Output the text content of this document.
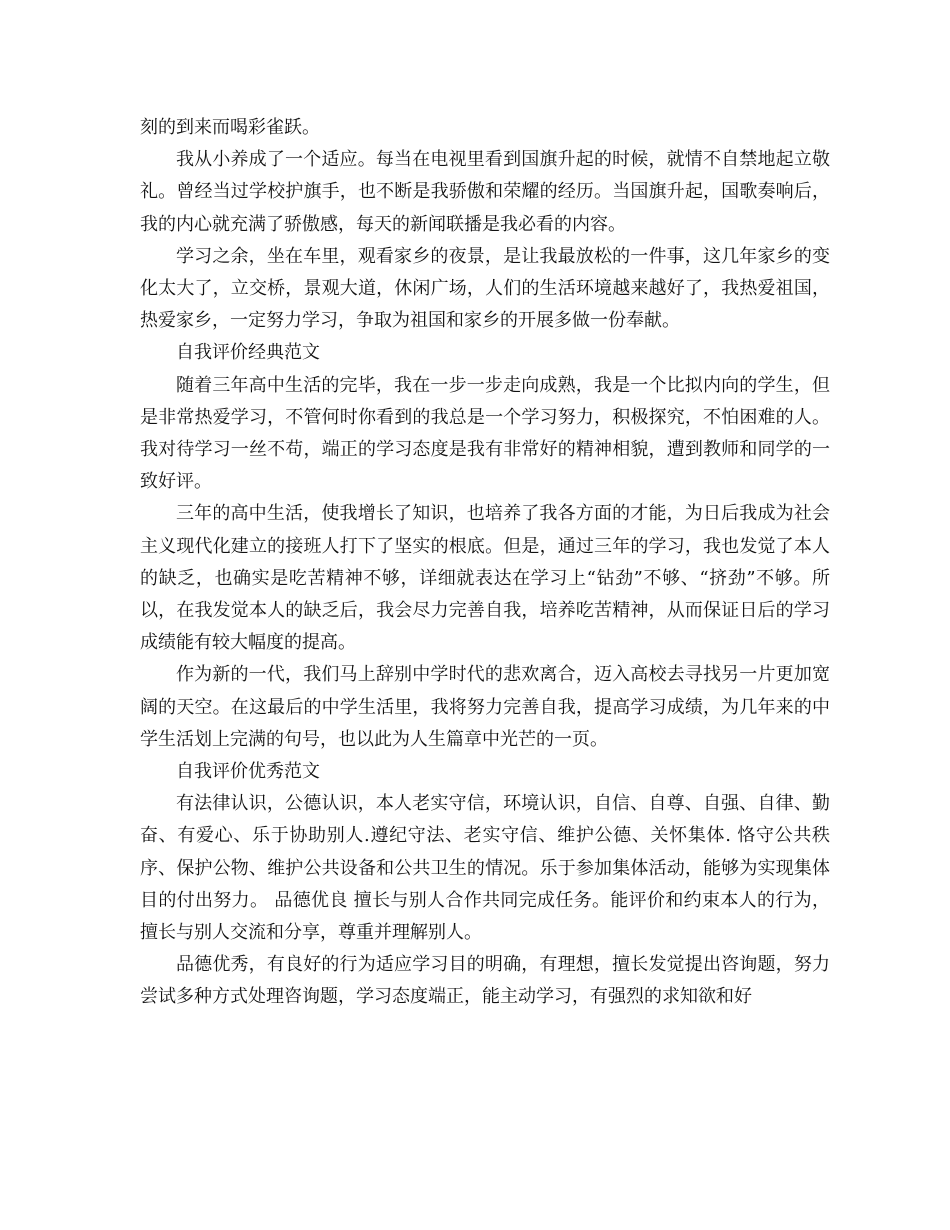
刻的到来而喝彩雀跃。

我从小养成了一个适应。每当在电视里看到国旗升起的时候，就情不自禁地起立敬礼。曾经当过学校护旗手，也不断是我骄傲和荣耀的经历。当国旗升起，国歌奏响后，我的内心就充满了骄傲感，每天的新闻联播是我必看的内容。

学习之余，坐在车里，观看家乡的夜景，是让我最放松的一件事，这几年家乡的变化太大了，立交桥，景观大道，休闲广场，人们的生活环境越来越好了，我热爱祖国，热爱家乡，一定努力学习，争取为祖国和家乡的开展多做一份奉献。

自我评价经典范文

随着三年高中生活的完毕，我在一步一步走向成熟，我是一个比拟内向的学生，但是非常热爱学习，不管何时你看到的我总是一个学习努力，积极探究，不怕困难的人。我对待学习一丝不苟，端正的学习态度是我有非常好的精神相貌，遭到教师和同学的一致好评。

三年的高中生活，使我增长了知识，也培养了我各方面的才能，为日后我成为社会主义现代化建立的接班人打下了坚实的根底。但是，通过三年的学习，我也发觉了本人的缺乏，也确实是吃苦精神不够，详细就表达在学习上“钻劲”不够、“挤劲”不够。所以，在我发觉本人的缺乏后，我会尽力完善自我，培养吃苦精神，从而保证日后的学习成绩能有较大幅度的提高。

作为新的一代，我们马上辞别中学时代的悲欢离合，迈入高校去寻找另一片更加宽阔的天空。在这最后的中学生活里，我将努力完善自我，提高学习成绩，为几年来的中学生活划上完满的句号，也以此为人生篇章中光芒的一页。

自我评价优秀范文

有法律认识，公德认识，本人老实守信，环境认识，自信、自尊、自强、自律、勤奋、有爱心、乐于协助别人.遵纪守法、老实守信、维护公德、关怀集体. 恪守公共秩序、保护公物、维护公共设备和公共卫生的情况。乐于参加集体活动，能够为实现集体目的付出努力。 品德优良 擅长与别人合作共同完成任务。能评价和约束本人的行为，擅长与别人交流和分享，尊重并理解别人。

品德优秀，有良好的行为适应学习目的明确，有理想，擅长发觉提出咨询题，努力尝试多种方式处理咨询题，学习态度端正，能主动学习，有强烈的求知欲和好
